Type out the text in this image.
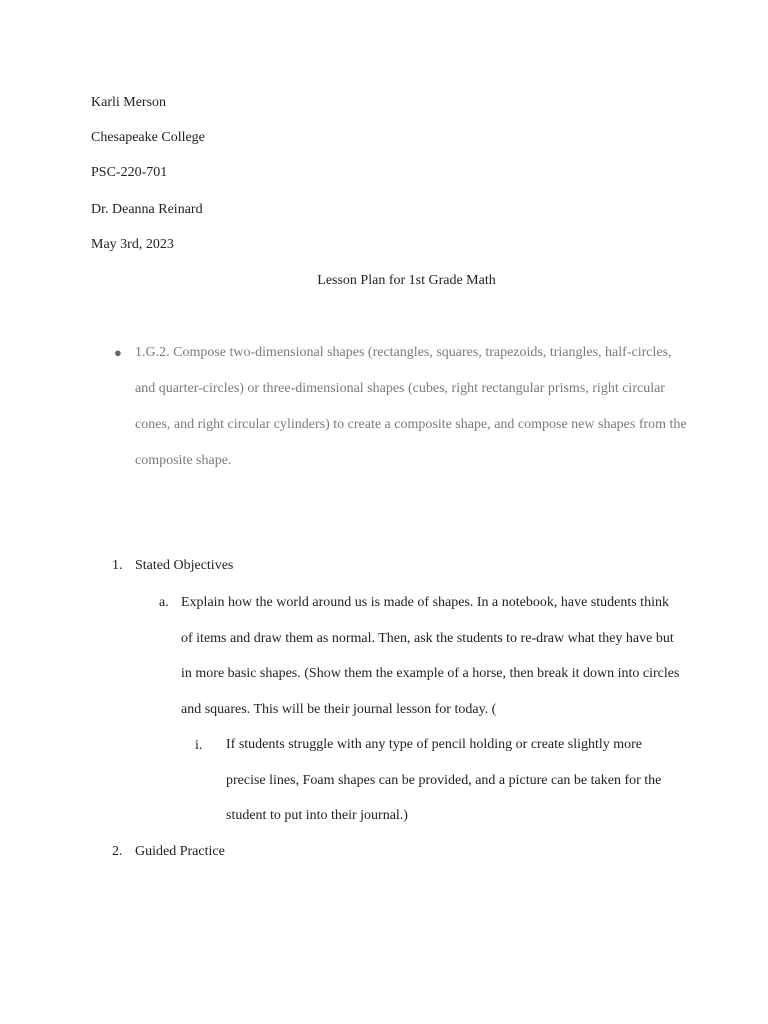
Karli Merson
Chesapeake College
PSC-220-701
Dr. Deanna Reinard
May 3rd, 2023
Lesson Plan for 1st Grade Math
● 1.G.2. Compose two-dimensional shapes (rectangles, squares, trapezoids, triangles, half-circles, and quarter-circles) or three-dimensional shapes (cubes, right rectangular prisms, right circular cones, and right circular cylinders) to create a composite shape, and compose new shapes from the composite shape.
1. Stated Objectives
a. Explain how the world around us is made of shapes. In a notebook, have students think of items and draw them as normal. Then, ask the students to re-draw what they have but in more basic shapes. (Show them the example of a horse, then break it down into circles and squares. This will be their journal lesson for today. (
i. If students struggle with any type of pencil holding or create slightly more precise lines, Foam shapes can be provided, and a picture can be taken for the student to put into their journal.)
2. Guided Practice
